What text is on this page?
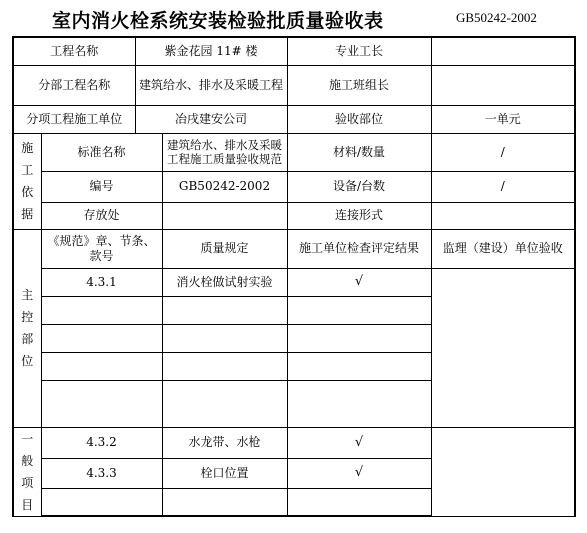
室内消火栓系统安装检验批质量验收表	GB50242-2002
工程名称		紫金花园 11# 楼		专业工长	
分部工程名称		建筑给水、排水及采暖工程		施工班组长	
分项工程施工单位		冶戌建安公司		验收部位	一单元
施工依据	标准名称		建筑给水、排水及采暖工程施工质量验收规范	材料/数量	/
	编号		GB50242-2002	设备/台数	/
	存放处			连接形式	
主控部位	《规范》章、节条、款号		质量规定	施工单位检查评定结果	监理（建设）单位验收
	4.3.1		消火栓做试射实验	√	

一般项目	4.3.2		水龙带、水枪	√	
	4.3.3		栓口位置	√	
